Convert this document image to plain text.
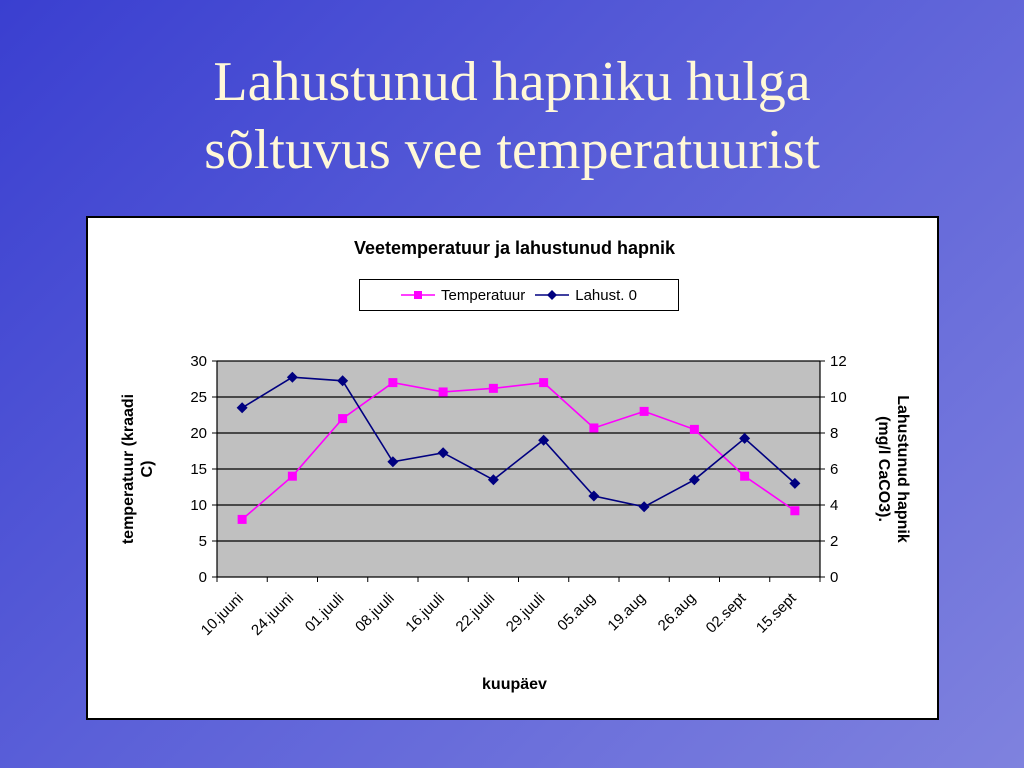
Lahustunud hapniku hulga
sõltuvus vee temperatuurist
0
5
10
15
20
25
30
0
2
4
6
8
10
12
10.juuni 24.juuni 01.juuli 08.juuli 16.juuli 22.juuli 29.juuli 05.aug 19.aug 26.aug 02.sept 15.sept
Veetemperatuur ja lahustunud hapnik
Temperatuur	Lahust. 0
temperatuur (kraadi C)	Lahustunud hapnik
(mg/l CaCO3).
kuupäev
